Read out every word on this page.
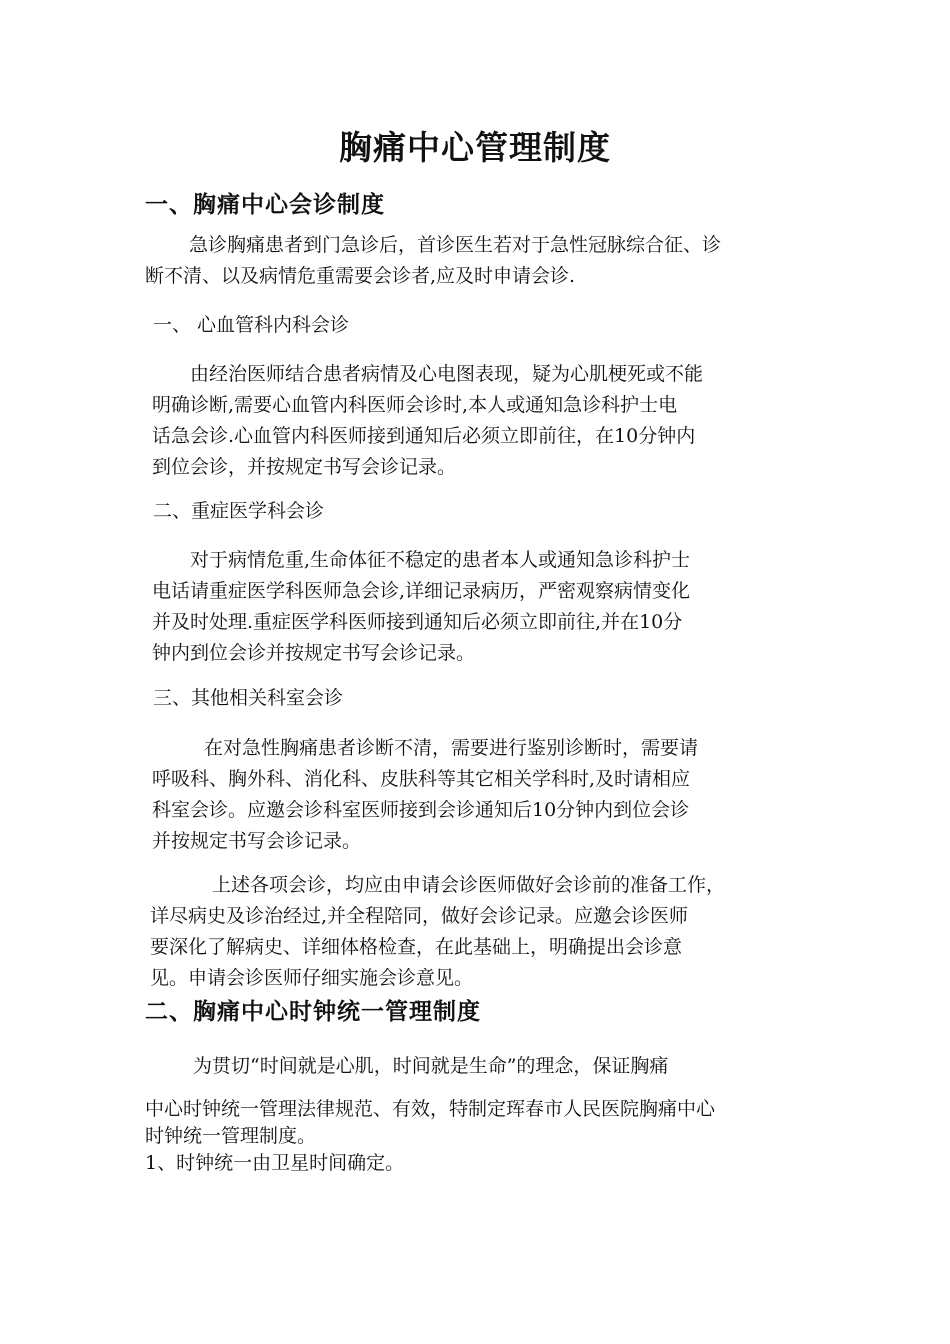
胸痛中心管理制度
一、胸痛中心会诊制度
急诊胸痛患者到门急诊后，首诊医生若对于急性冠脉综合征、诊
断不清、以及病情危重需要会诊者,应及时申请会诊.
一、 心血管科内科会诊
由经治医师结合患者病情及心电图表现，疑为心肌梗死或不能
明确诊断,需要心血管内科医师会诊时,本人或通知急诊科护士电
话急会诊.心血管内科医师接到通知后必须立即前往，在10分钟内
到位会诊，并按规定书写会诊记录。
二、重症医学科会诊
对于病情危重,生命体征不稳定的患者本人或通知急诊科护士
电话请重症医学科医师急会诊,详细记录病历，严密观察病情变化
并及时处理.重症医学科医师接到通知后必须立即前往,并在10分
钟内到位会诊并按规定书写会诊记录。
三、其他相关科室会诊
在对急性胸痛患者诊断不清，需要进行鉴别诊断时，需要请
呼吸科、胸外科、消化科、皮肤科等其它相关学科时,及时请相应
科室会诊。应邀会诊科室医师接到会诊通知后10分钟内到位会诊
并按规定书写会诊记录。
上述各项会诊，均应由申请会诊医师做好会诊前的准备工作，
详尽病史及诊治经过,并全程陪同，做好会诊记录。应邀会诊医师
要深化了解病史、详细体格检查，在此基础上，明确提出会诊意
见。申请会诊医师仔细实施会诊意见。
二、胸痛中心时钟统一管理制度
为贯切“时间就是心肌，时间就是生命”的理念，保证胸痛
中心时钟统一管理法律规范、有效，特制定珲春市人民医院胸痛中心
时钟统一管理制度。
1、时钟统一由卫星时间确定。
